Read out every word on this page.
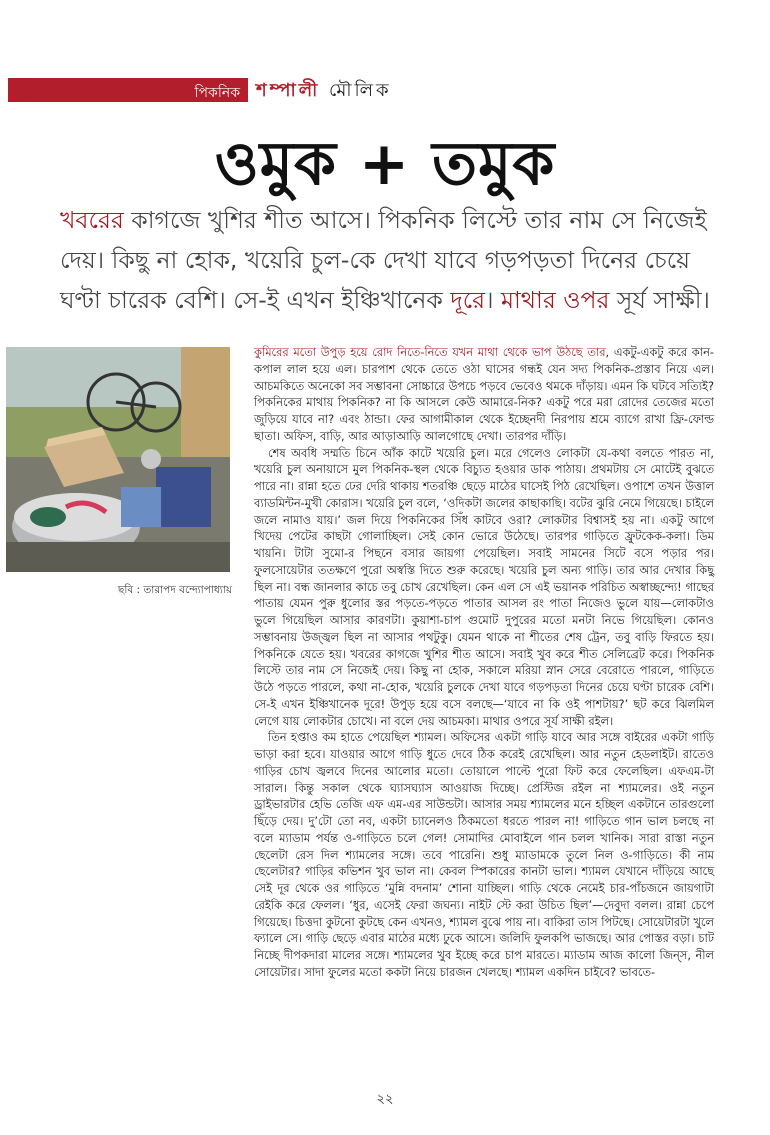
পিকনিক শম্পালী মৌলিক
ওমুক + তমুক
খবরের কাগজে খুশির শীত আসে। পিকনিক লিস্টে তার নাম সে নিজেই দেয়। কিছু না হোক, খয়েরি চুল-কে দেখা যাবে গড়পড়তা দিনের চেয়ে ঘণ্টা চারেক বেশি। সে-ই এখন ইঞ্চিখানেক দূরে। মাথার ওপর সূর্য সাক্ষী।
ছবি : তারাপদ বন্দ্যোপাধ্যায়

কুমিরের মতো উপুড় হয়ে রোদ নিতে-নিতে যখন মাথা থেকে ভাপ উঠছে তার, একটু-একটু করে কান-কপাল লাল হয়ে এল। চারপাশ থেকে তেতে ওঠা ঘাসের গন্ধই যেন সদ্য পিকনিক-প্রস্তাব নিয়ে এল। আচমকিতে অনেকো সব সম্ভাবনা সোচ্চারে উপচে পড়বে ভেবেও থমকে দাঁড়ায়। এমন কি ঘটবে সত্যিই? পিকনিকের মাথায় পিকনিক? না কি আসলে কেউ আমারে-নিক? একটু পরে মরা রোদের তেজের মতো জুড়িয়ে যাবে না? এবং ঠান্ডা। ফের আগামীকাল থেকে ইচ্ছেনদী নিরপায় শ্রমে ব্যাগে রাখা ফ্রি-ফোল্ড ছাতা। অফিস, বাড়ি, আর আড়াআড়ি আলগোছে দেখা। তারপর দাঁড়ি।

শেষ অবধি সম্মতি চিনে আঁক কাটে খয়েরি চুল। মরে গেলেও লোকটা যে-কথা বলতে পারত না, খয়েরি চুল অনায়াসে মুল পিকনিক-স্থল থেকে বিচ্যুত হওয়ার ডাক পাঠায়। প্রথমটায় সে মোটেই বুঝতে পারে না। রান্না হতে ঢের দেরি থাকায় শতরঞ্চি ছেড়ে মাঠের ঘাসেই পিঠ রেখেছিল। ওপাশে তখন উত্তাল ব্যাডমিন্টন-মুখী কোরাস। খয়েরি চুল বলে, ‘ওদিকটা জলের কাছাকাছি। বটের ঝুরি নেমে গিয়েছে। চাইলে জলে নামাও যায়।’ জল দিয়ে পিকনিকের সিঁধ কাটবে ওরা? লোকটার বিশ্বাসই হয় না। একটু আগে খিদেয় পেটের কাছটা গোলাচ্ছিল। সেই কোন ভোরে উঠেছে। তারপর গাড়িতে ফ্রুটকেক-কলা। ডিম খায়নি। টাটা সুমো-র পিছনে বসার জায়গা পেয়েছিল। সবাই সামনের সিটে বসে পড়ার পর। ফুলসোয়েটার ততক্ষণে পুরো অস্বস্তি দিতে শুরু করেছে। খয়েরি চুল অন্য গাড়ি। তার আর দেখার কিছু ছিল না। বন্ধ জানলার কাচে তবু চোখ রেখেছিল। কেন এল সে এই ভয়ানক পরিচিত অস্বাচ্ছন্দ্যে! গাছের পাতায় যেমন পুরু ধুলোর স্তর পড়তে-পড়তে পাতার আসল রং পাতা নিজেও ভুলে যায়—লোকটাও ভুলে গিয়েছিল আসার কারণটা। কুয়াশা-চাপ গুমোট দুপুরের মতো মনটা নিভে গিয়েছিল। কোনও সম্ভাবনায় উজ্জ্বল ছিল না আসার পথটুকু। যেমন থাকে না শীতের শেষ ট্রেন, তবু বাড়ি ফিরতে হয়। পিকনিকে যেতে হয়। খবরের কাগজে খুশির শীত আসে। সবাই খুব করে শীত সেলিব্রেট করে। পিকনিক লিস্টে তার নাম সে নিজেই দেয়। কিছু না হোক, সকালে মরিয়া স্নান সেরে বেরোতে পারলে, গাড়িতে উঠে পড়তে পারলে, কথা না-হোক, খয়েরি চুলকে দেখা যাবে গড়পড়তা দিনের চেয়ে ঘণ্টা চারেক বেশি। সে-ই এখন ইঞ্চিখানেক দূরে! উপুড় হয়ে বসে বলছে—‘যাবে না কি ওই পাশটায়?’ ছট করে ঝিলমিল লেগে যায় লোকটার চোখে। না বলে দেয় আচমকা। মাথার ওপরে সূর্য সাক্ষী রইল।

তিন হপ্তাও কম হাতে পেয়েছিল শ্যামল। অফিসের একটা গাড়ি যাবে আর সঙ্গে বাইরের একটা গাড়ি ভাড়া করা হবে। যাওয়ার আগে গাড়ি ধুতে দেবে ঠিক করেই রেখেছিল। আর নতুন হেডলাইট। রাতেও গাড়ির চোখ জ্বলবে দিনের আলোর মতো। তোয়ালে পাল্টে পুরো ফিট করে ফেলেছিল। এফএম-টা সারাল। কিন্তু সকাল থেকে ঘ্যাসঘ্যাস আওয়াজ দিচ্ছে। প্রেস্টিজ রইল না শ্যামলের। ওই নতুন ড্রাইভারটার হেভি তেজি এফ এম-এর সাউন্ডটা। আসার সময় শ্যামলের মনে হচ্ছিল একটানে তারগুলো ছিঁড়ে দেয়। দু’টো তো নব, একটা চ্যানেলও ঠিকমতো ধরতে পারল না! গাড়িতে গান ভাল চলছে না বলে ম্যাডাম পর্যন্ত ও-গাড়িতে চলে গেল! সোমাদির মোবাইলে গান চলল খানিক। সারা রাস্তা নতুন ছেলেটা রেস দিল শ্যামলের সঙ্গে। তবে পারেনি। শুধু ম্যাডামকে তুলে নিল ও-গাড়িতে। কী নাম ছেলেটার? গাড়ির কভিশন খুব ভাল না। কেবল স্পিকারের কানটা ভাল। শ্যামল যেখানে দাঁড়িয়ে আছে সেই দূর থেকে ওর গাড়িতে ‘মুন্নি বদনাম’ শোনা যাচ্ছিল। গাড়ি থেকে নেমেই চার-পাঁচজনে জায়গাটা রেইকি করে ফেলল। ‘ধুর, এসেই ফেরা জঘন্য। নাইট স্টে করা উচিত ছিল’—দেবুদা বলল। রান্না চেপে গিয়েছে। চিত্তদা কুটনো কুটছে কেন এখনও, শ্যামল বুঝে পায় না। বাকিরা তাস পিটছে। সোয়েটারটা খুলে ফ্যালে সে। গাড়ি ছেড়ে এবার মাঠের মধ্যে ঢুকে আসে। জলিদি ফুলকপি ভাজছে। আর পোস্তর বড়া। চাট নিচ্ছে দীপকদারা মালের সঙ্গে। শ্যামলের খুব ইচ্ছে করে চাপ মারতে। ম্যাডাম আজ কালো জিন্‌স, নীল সোয়েটার। সাদা ফুলের মতো ককটা নিয়ে চারজন খেলছে। শ্যামল একদিন চাইবে? ভাবতে-

২২
